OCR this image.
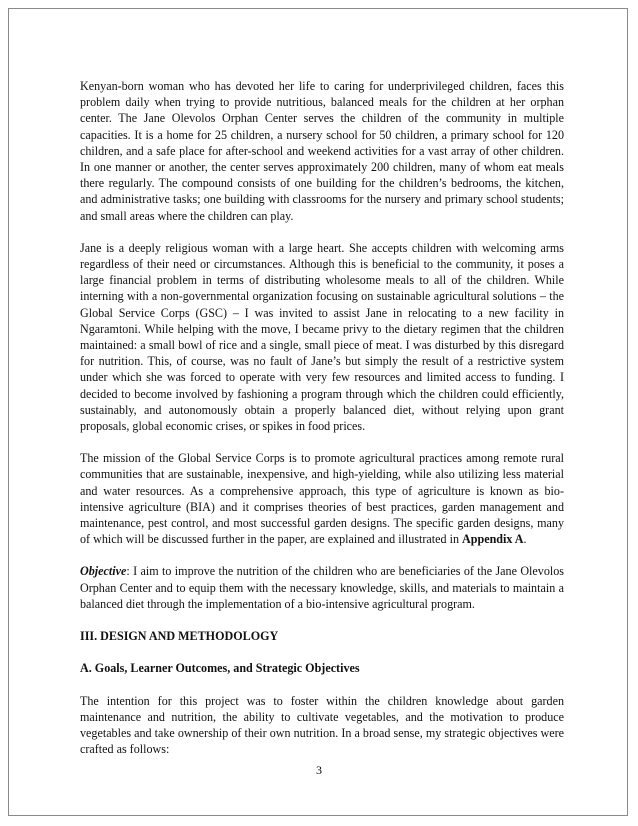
Kenyan-born woman who has devoted her life to caring for underprivileged children, faces this problem daily when trying to provide nutritious, balanced meals for the children at her orphan center. The Jane Olevolos Orphan Center serves the children of the community in multiple capacities. It is a home for 25 children, a nursery school for 50 children, a primary school for 120 children, and a safe place for after-school and weekend activities for a vast array of other children. In one manner or another, the center serves approximately 200 children, many of whom eat meals there regularly. The compound consists of one building for the children’s bedrooms, the kitchen, and administrative tasks; one building with classrooms for the nursery and primary school students; and small areas where the children can play.

Jane is a deeply religious woman with a large heart. She accepts children with welcoming arms regardless of their need or circumstances. Although this is beneficial to the community, it poses a large financial problem in terms of distributing wholesome meals to all of the children. While interning with a non-governmental organization focusing on sustainable agricultural solutions – the Global Service Corps (GSC) – I was invited to assist Jane in relocating to a new facility in Ngaramtoni. While helping with the move, I became privy to the dietary regimen that the children maintained: a small bowl of rice and a single, small piece of meat. I was disturbed by this disregard for nutrition. This, of course, was no fault of Jane’s but simply the result of a restrictive system under which she was forced to operate with very few resources and limited access to funding. I decided to become involved by fashioning a program through which the children could efficiently, sustainably, and autonomously obtain a properly balanced diet, without relying upon grant proposals, global economic crises, or spikes in food prices.

The mission of the Global Service Corps is to promote agricultural practices among remote rural communities that are sustainable, inexpensive, and high-yielding, while also utilizing less material and water resources. As a comprehensive approach, this type of agriculture is known as bio-intensive agriculture (BIA) and it comprises theories of best practices, garden management and maintenance, pest control, and most successful garden designs. The specific garden designs, many of which will be discussed further in the paper, are explained and illustrated in Appendix A.

Objective: I aim to improve the nutrition of the children who are beneficiaries of the Jane Olevolos Orphan Center and to equip them with the necessary knowledge, skills, and materials to maintain a balanced diet through the implementation of a bio-intensive agricultural program.

III. DESIGN AND METHODOLOGY

A. Goals, Learner Outcomes, and Strategic Objectives

The intention for this project was to foster within the children knowledge about garden maintenance and nutrition, the ability to cultivate vegetables, and the motivation to produce vegetables and take ownership of their own nutrition. In a broad sense, my strategic objectives were crafted as follows:

3
